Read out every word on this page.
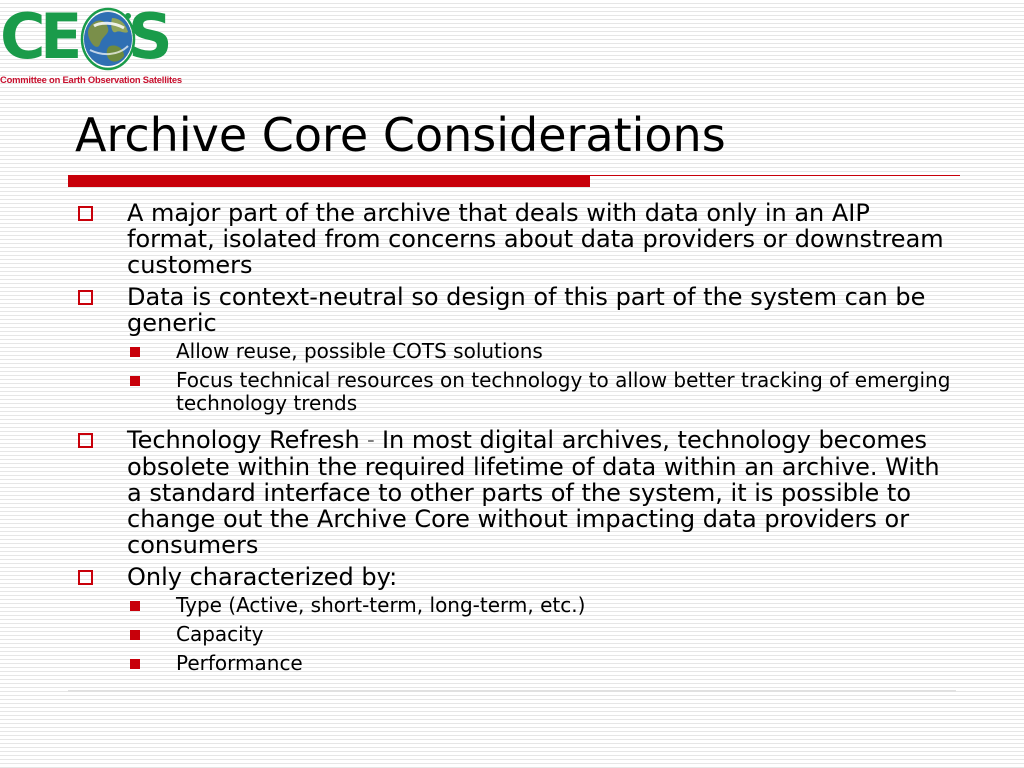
C
E S
Committee on Earth Observation Satellites
Archive Core Considerations
A major part of the archive that deals with data only in an AIP format, isolated from concerns about data providers or downstream customers
Data is context-neutral so design of this part of the system can be generic
Allow reuse, possible COTS solutions
Focus technical resources on technology to allow better tracking of emerging technology trends
Technology Refresh – In most digital archives, technology becomes obsolete within the required lifetime of data within an archive. With a standard interface to other parts of the system, it is possible to change out the Archive Core without impacting data providers or consumers
Only characterized by:
Type (Active, short-term, long-term, etc.)
Capacity
Performance
